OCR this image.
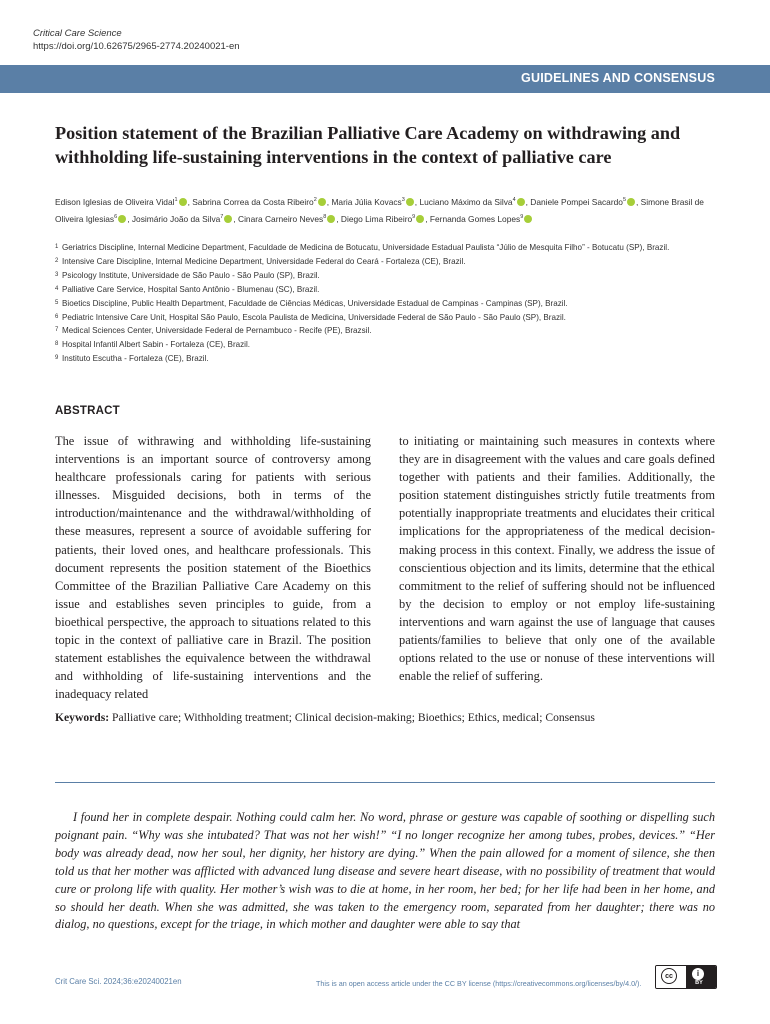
Critical Care Science
https://doi.org/10.62675/2965-2774.20240021-en
GUIDELINES AND CONSENSUS
Position statement of the Brazilian Palliative Care Academy on withdrawing and withholding life-sustaining interventions in the context of palliative care
Edison Iglesias de Oliveira Vidal$^1$ , Sabrina Correa da Costa Ribeiro$^2$ , Maria Júlia Kovacs$^3$ , Luciano Máximo da Silva$^4$ , Daniele Pompei Sacardo$^5$ , Simone Brasil de Oliveira Iglesias$^6$ , Josimário João da Silva$^7$ , Cinara Carneiro Neves$^8$ , Diego Lima Ribeiro$^9$ , Fernanda Gomes Lopes$^9$
1 Geriatrics Discipline, Internal Medicine Department, Faculdade de Medicina de Botucatu, Universidade Estadual Paulista “Júlio de Mesquita Filho” - Botucatu (SP), Brazil.
2 Intensive Care Discipline, Internal Medicine Department, Universidade Federal do Ceará - Fortaleza (CE), Brazil.
3 Psicology Institute, Universidade de São Paulo - São Paulo (SP), Brazil.
4 Palliative Care Service, Hospital Santo Antônio - Blumenau (SC), Brazil.
5 Bioetics Discipline, Public Health Department, Faculdade de Ciências Médicas, Universidade Estadual de Campinas - Campinas (SP), Brazil.
6 Pediatric Intensive Care Unit, Hospital São Paulo, Escola Paulista de Medicina, Universidade Federal de São Paulo - São Paulo (SP), Brazil.
7 Medical Sciences Center, Universidade Federal de Pernambuco - Recife (PE), Brazsil.
8 Hospital Infantil Albert Sabin - Fortaleza (CE), Brazil.
9 Instituto Escutha - Fortaleza (CE), Brazil.
ABSTRACT

The issue of withrawing and withholding life-sustaining interventions is an important source of controversy among healthcare professionals caring for patients with serious illnesses. Misguided decisions, both in terms of the introduction/maintenance and the withdrawal/withholding of these measures, represent a source of avoidable suffering for patients, their loved ones, and healthcare professionals. This document represents the position statement of the Bioethics Committee of the Brazilian Palliative Care Academy on this issue and establishes seven principles to guide, from a bioethical perspective, the approach to situations related to this topic in the context of palliative care in Brazil. The position statement establishes the equivalence between the withdrawal and withholding of life-sustaining interventions and the inadequacy related

to initiating or maintaining such measures in contexts where they are in disagreement with the values and care goals defined together with patients and their families. Additionally, the position statement distinguishes strictly futile treatments from potentially inappropriate treatments and elucidates their critical implications for the appropriateness of the medical decision-making process in this context. Finally, we address the issue of conscientious objection and its limits, determine that the ethical commitment to the relief of suffering should not be influenced by the decision to employ or not employ life-sustaining interventions and warn against the use of language that causes patients/families to believe that only one of the available options related to the use or nonuse of these interventions will enable the relief of suffering.

Keywords: Palliative care; Withholding treatment; Clinical decision-making; Bioethics; Ethics, medical; Consensus

I found her in complete despair. Nothing could calm her. No word, phrase or gesture was capable of soothing or dispelling such poignant pain. “Why was she intubated? That was not her wish!” “I no longer recognize her among tubes, probes, devices.” “Her body was already dead, now her soul, her dignity, her history are dying.” When the pain allowed for a moment of silence, she then told us that her mother was afflicted with advanced lung disease and severe heart disease, with no possibility of treatment that would cure or prolong life with quality. Her mother’s wish was to die at home, in her room, her bed; for her life had been in her home, and so should her death. When she was admitted, she was taken to the emergency room, separated from her daughter; there was no dialog, no questions, except for the triage, in which mother and daughter were able to say that

Crit Care Sci. 2024;36:e20240021en	This is an open access article under the CC BY license (https://creativecommons.org/licenses/by/4.0/).
cc	i
BY
